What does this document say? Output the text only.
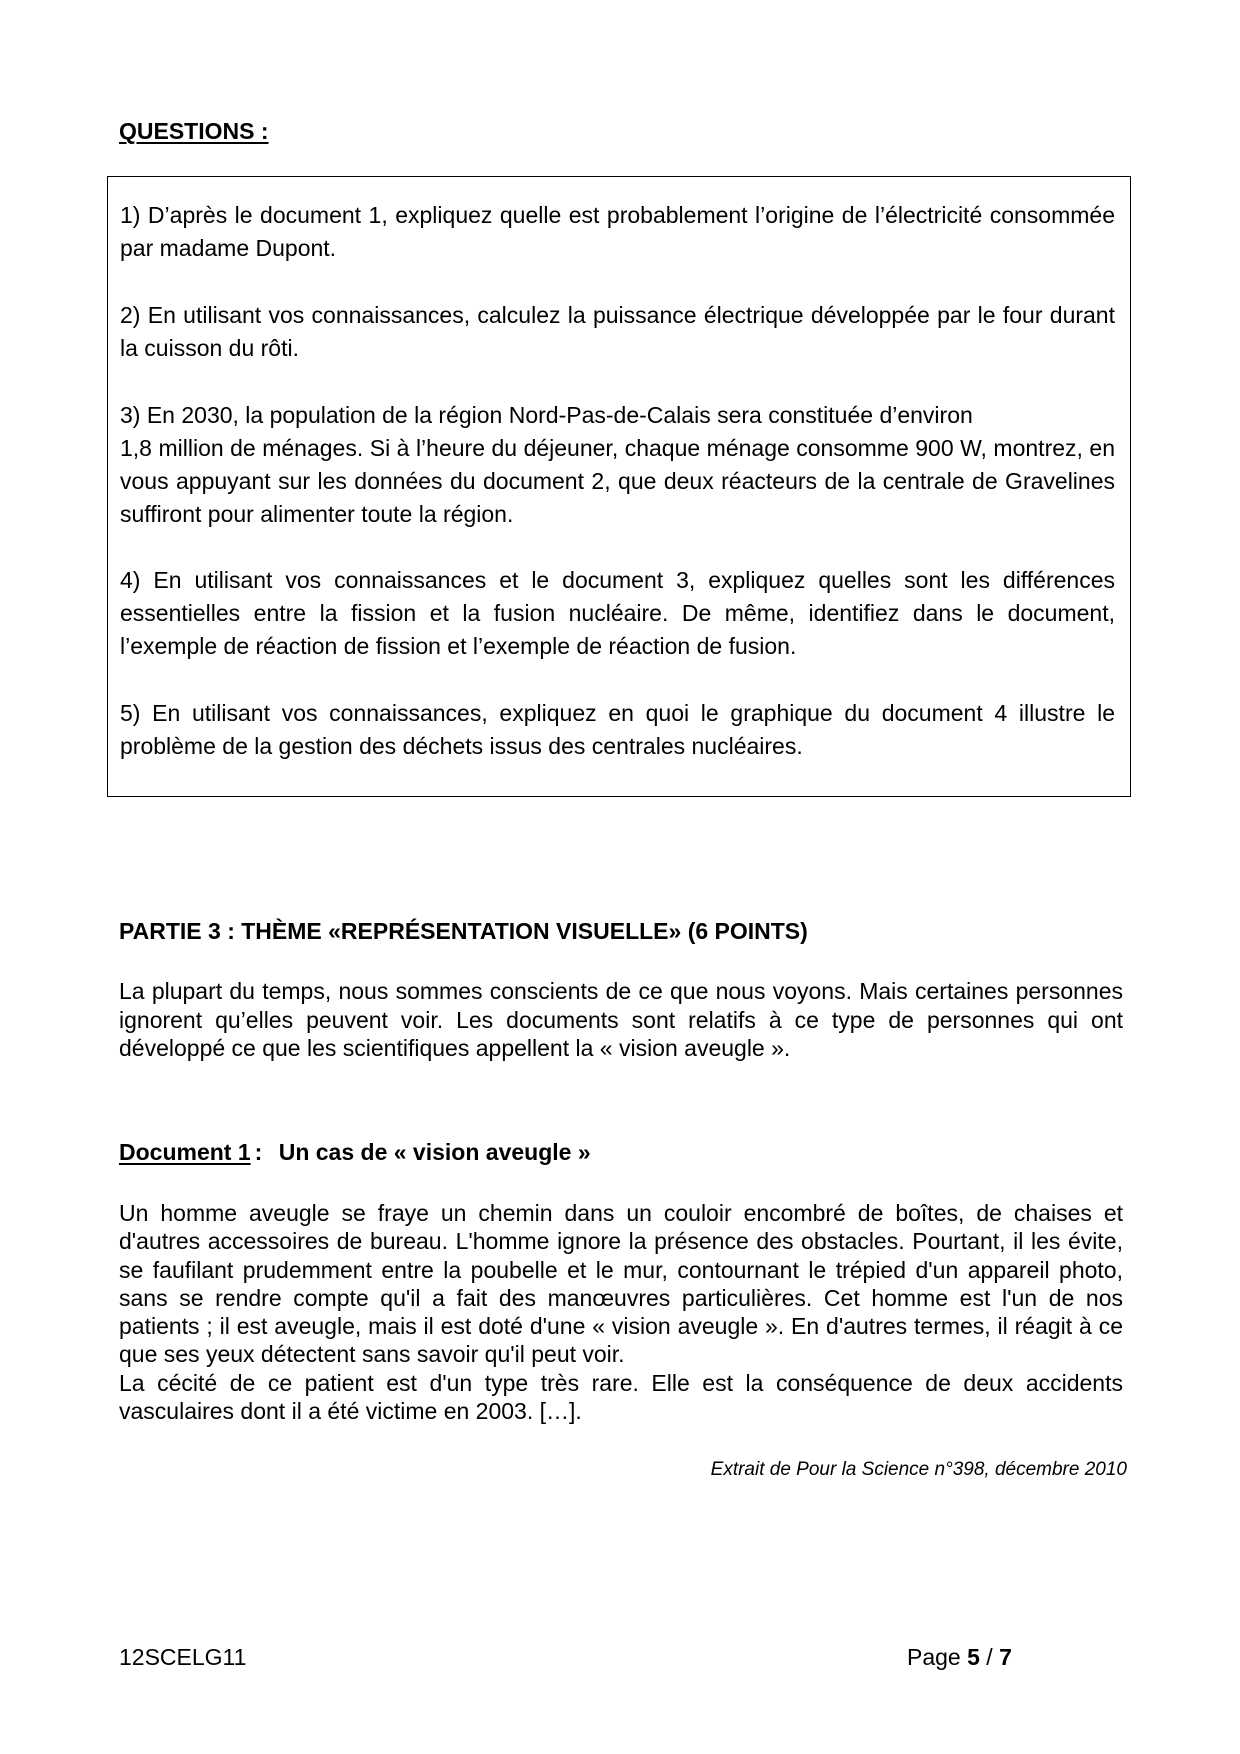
QUESTIONS :

1) D’après le document 1, expliquez quelle est probablement l’origine de l’électricité consommée par madame Dupont.

2) En utilisant vos connaissances, calculez la puissance électrique développée par le four durant la cuisson du rôti.

3) En 2030, la population de la région Nord-Pas-de-Calais sera constituée d’environ
1,8 million de ménages. Si à l’heure du déjeuner, chaque ménage consomme 900 W, montrez, en vous appuyant sur les données du document 2, que deux réacteurs de la centrale de Gravelines suffiront pour alimenter toute la région.

4) En utilisant vos connaissances et le document 3, expliquez quelles sont les différences essentielles entre la fission et la fusion nucléaire. De même, identifiez dans le document, l’exemple de réaction de fission et l’exemple de réaction de fusion.

5) En utilisant vos connaissances, expliquez en quoi le graphique du document 4 illustre le problème de la gestion des déchets issus des centrales nucléaires.

PARTIE 3 : THÈME «REPRÉSENTATION VISUELLE» (6 POINTS)

La plupart du temps, nous sommes conscients de ce que nous voyons. Mais certaines personnes ignorent qu’elles peuvent voir. Les documents sont relatifs à ce type de personnes qui ont développé ce que les scientifiques appellent la « vision aveugle ».

Document 1 : Un cas de « vision aveugle »

Un homme aveugle se fraye un chemin dans un couloir encombré de boîtes, de chaises et d'autres accessoires de bureau. L'homme ignore la présence des obstacles. Pourtant, il les évite, se faufilant prudemment entre la poubelle et le mur, contournant le trépied d'un appareil photo, sans se rendre compte qu'il a fait des manœuvres particulières. Cet homme est l'un de nos patients ; il est aveugle, mais il est doté d'une « vision aveugle ». En d'autres termes, il réagit à ce que ses yeux détectent sans savoir qu'il peut voir.

La cécité de ce patient est d'un type très rare. Elle est la conséquence de deux accidents vasculaires dont il a été victime en 2003. […].

Extrait de Pour la Science n°398, décembre 2010

12SCELG11	Page 5 / 7
